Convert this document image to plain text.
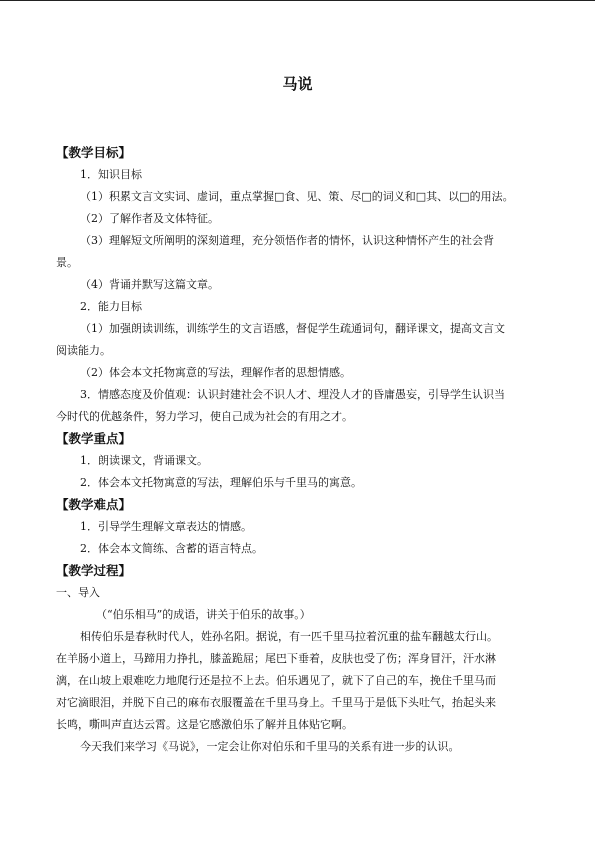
马说
【教学目标】
1．知识目标
（1）积累文言文实词、虚词，重点掌握□食、见、策、尽□的词义和□其、以□的用法。
（2）了解作者及文体特征。
（3）理解短文所阐明的深刻道理，充分领悟作者的情怀，认识这种情怀产生的社会背
景。
（4）背诵并默写这篇文章。
2．能力目标
（1）加强朗读训练，训练学生的文言语感，督促学生疏通词句，翻译课文，提高文言文
阅读能力。
（2）体会本文托物寓意的写法，理解作者的思想情感。
3．情感态度及价值观：认识封建社会不识人才、埋没人才的昏庸愚妄，引导学生认识当
今时代的优越条件，努力学习，使自己成为社会的有用之才。
【教学重点】
1．朗读课文，背诵课文。
2．体会本文托物寓意的写法，理解伯乐与千里马的寓意。
【教学难点】
1．引导学生理解文章表达的情感。
2．体会本文简练、含蓄的语言特点。
【教学过程】
一、导入
（“伯乐相马”的成语，讲关于伯乐的故事。）
相传伯乐是春秋时代人，姓孙名阳。据说，有一匹千里马拉着沉重的盐车翻越太行山。
在羊肠小道上，马蹄用力挣扎，膝盖跪屈；尾巴下垂着，皮肤也受了伤；浑身冒汗，汗水淋
漓，在山坡上艰难吃力地爬行还是拉不上去。伯乐遇见了，就下了自己的车，挽住千里马而
对它滴眼泪，并脱下自己的麻布衣服覆盖在千里马身上。千里马于是低下头吐气，抬起头来
长鸣，嘶叫声直达云霄。这是它感激伯乐了解并且体贴它啊。
今天我们来学习《马说》，一定会让你对伯乐和千里马的关系有进一步的认识。
